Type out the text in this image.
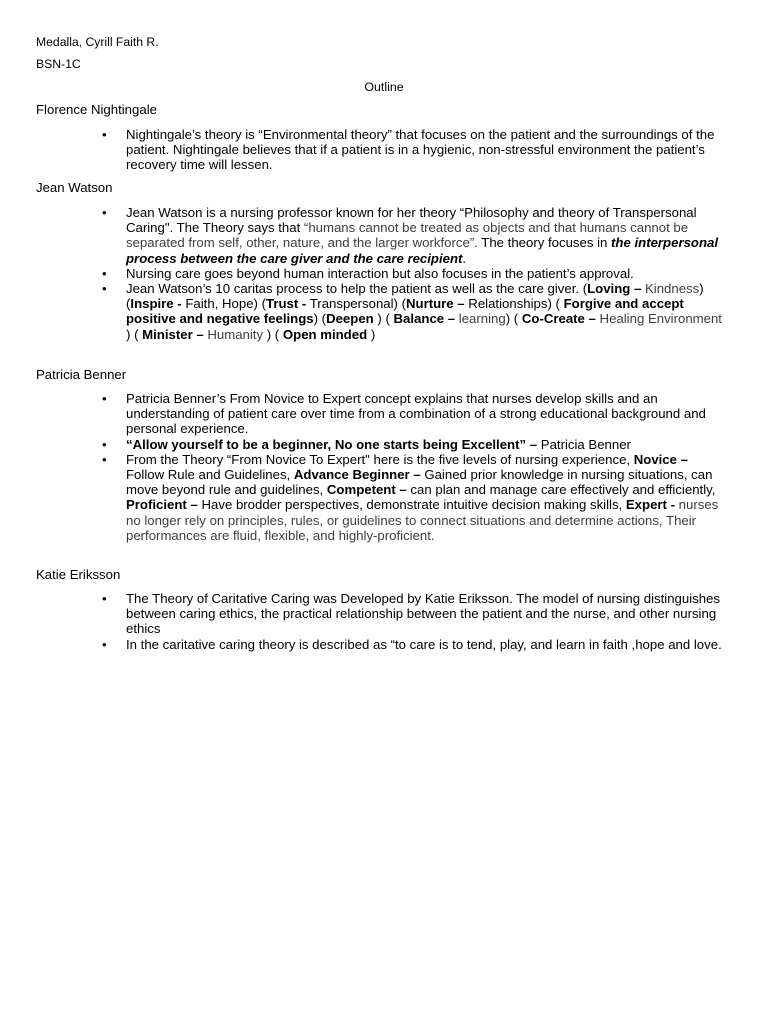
Medalla, Cyrill Faith R.

BSN-1C

Outline

Florence Nightingale

• Nightingale’s theory is “Environmental theory” that focuses on the patient and the surroundings of the patient. Nightingale believes that if a patient is in a hygienic, non-stressful environment the patient’s recovery time will lessen.

Jean Watson

• Jean Watson is a nursing professor known for her theory “Philosophy and theory of Transpersonal Caring". The Theory says that “humans cannot be treated as objects and that humans cannot be separated from self, other, nature, and the larger workforce”. The theory focuses in the interpersonal process between the care giver and the care recipient.
• Nursing care goes beyond human interaction but also focuses in the patient’s approval.
• Jean Watson’s 10 caritas process to help the patient as well as the care giver. (Loving – Kindness) (Inspire - Faith, Hope) (Trust - Transpersonal) (Nurture – Relationships) ( Forgive and accept positive and negative feelings) (Deepen ) ( Balance – learning) ( Co-Create – Healing Environment ) ( Minister – Humanity ) ( Open minded )

Patricia Benner

• Patricia Benner’s From Novice to Expert concept explains that nurses develop skills and an understanding of patient care over time from a combination of a strong educational background and personal experience.
• “Allow yourself to be a beginner, No one starts being Excellent” – Patricia Benner
• From the Theory “From Novice To Expert" here is the five levels of nursing experience, Novice – Follow Rule and Guidelines, Advance Beginner – Gained prior knowledge in nursing situations, can move beyond rule and guidelines, Competent – can plan and manage care effectively and efficiently, Proficient – Have brodder perspectives, demonstrate intuitive decision making skills, Expert - nurses no longer rely on principles, rules, or guidelines to connect situations and determine actions, Their performances are fluid, flexible, and highly-proficient.

Katie Eriksson

• The Theory of Caritative Caring was Developed by Katie Eriksson. The model of nursing distinguishes between caring ethics, the practical relationship between the patient and the nurse, and other nursing ethics
• In the caritative caring theory is described as “to care is to tend, play, and learn in faith ,hope and love.
